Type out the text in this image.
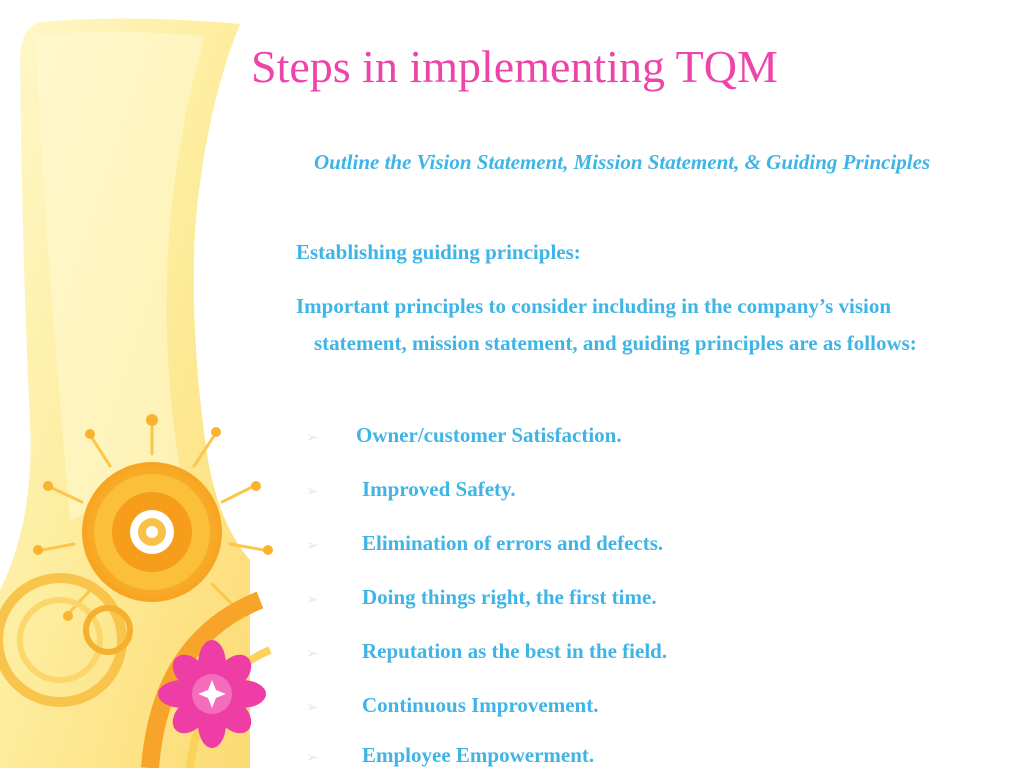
Steps in implementing TQM
4. Outline the Vision Statement, Mission Statement, & Guiding Principles
Establishing guiding principles:
Important principles to consider including in the company’s vision statement, mission statement, and guiding principles are as follows:
➢ Owner/customer Satisfaction.
➢ Improved Safety.
➢ Elimination of errors and defects.
➢ Doing things right, the first time.
➢ Reputation as the best in the field.
➢ Continuous Improvement.
➢ Employee Empowerment.
